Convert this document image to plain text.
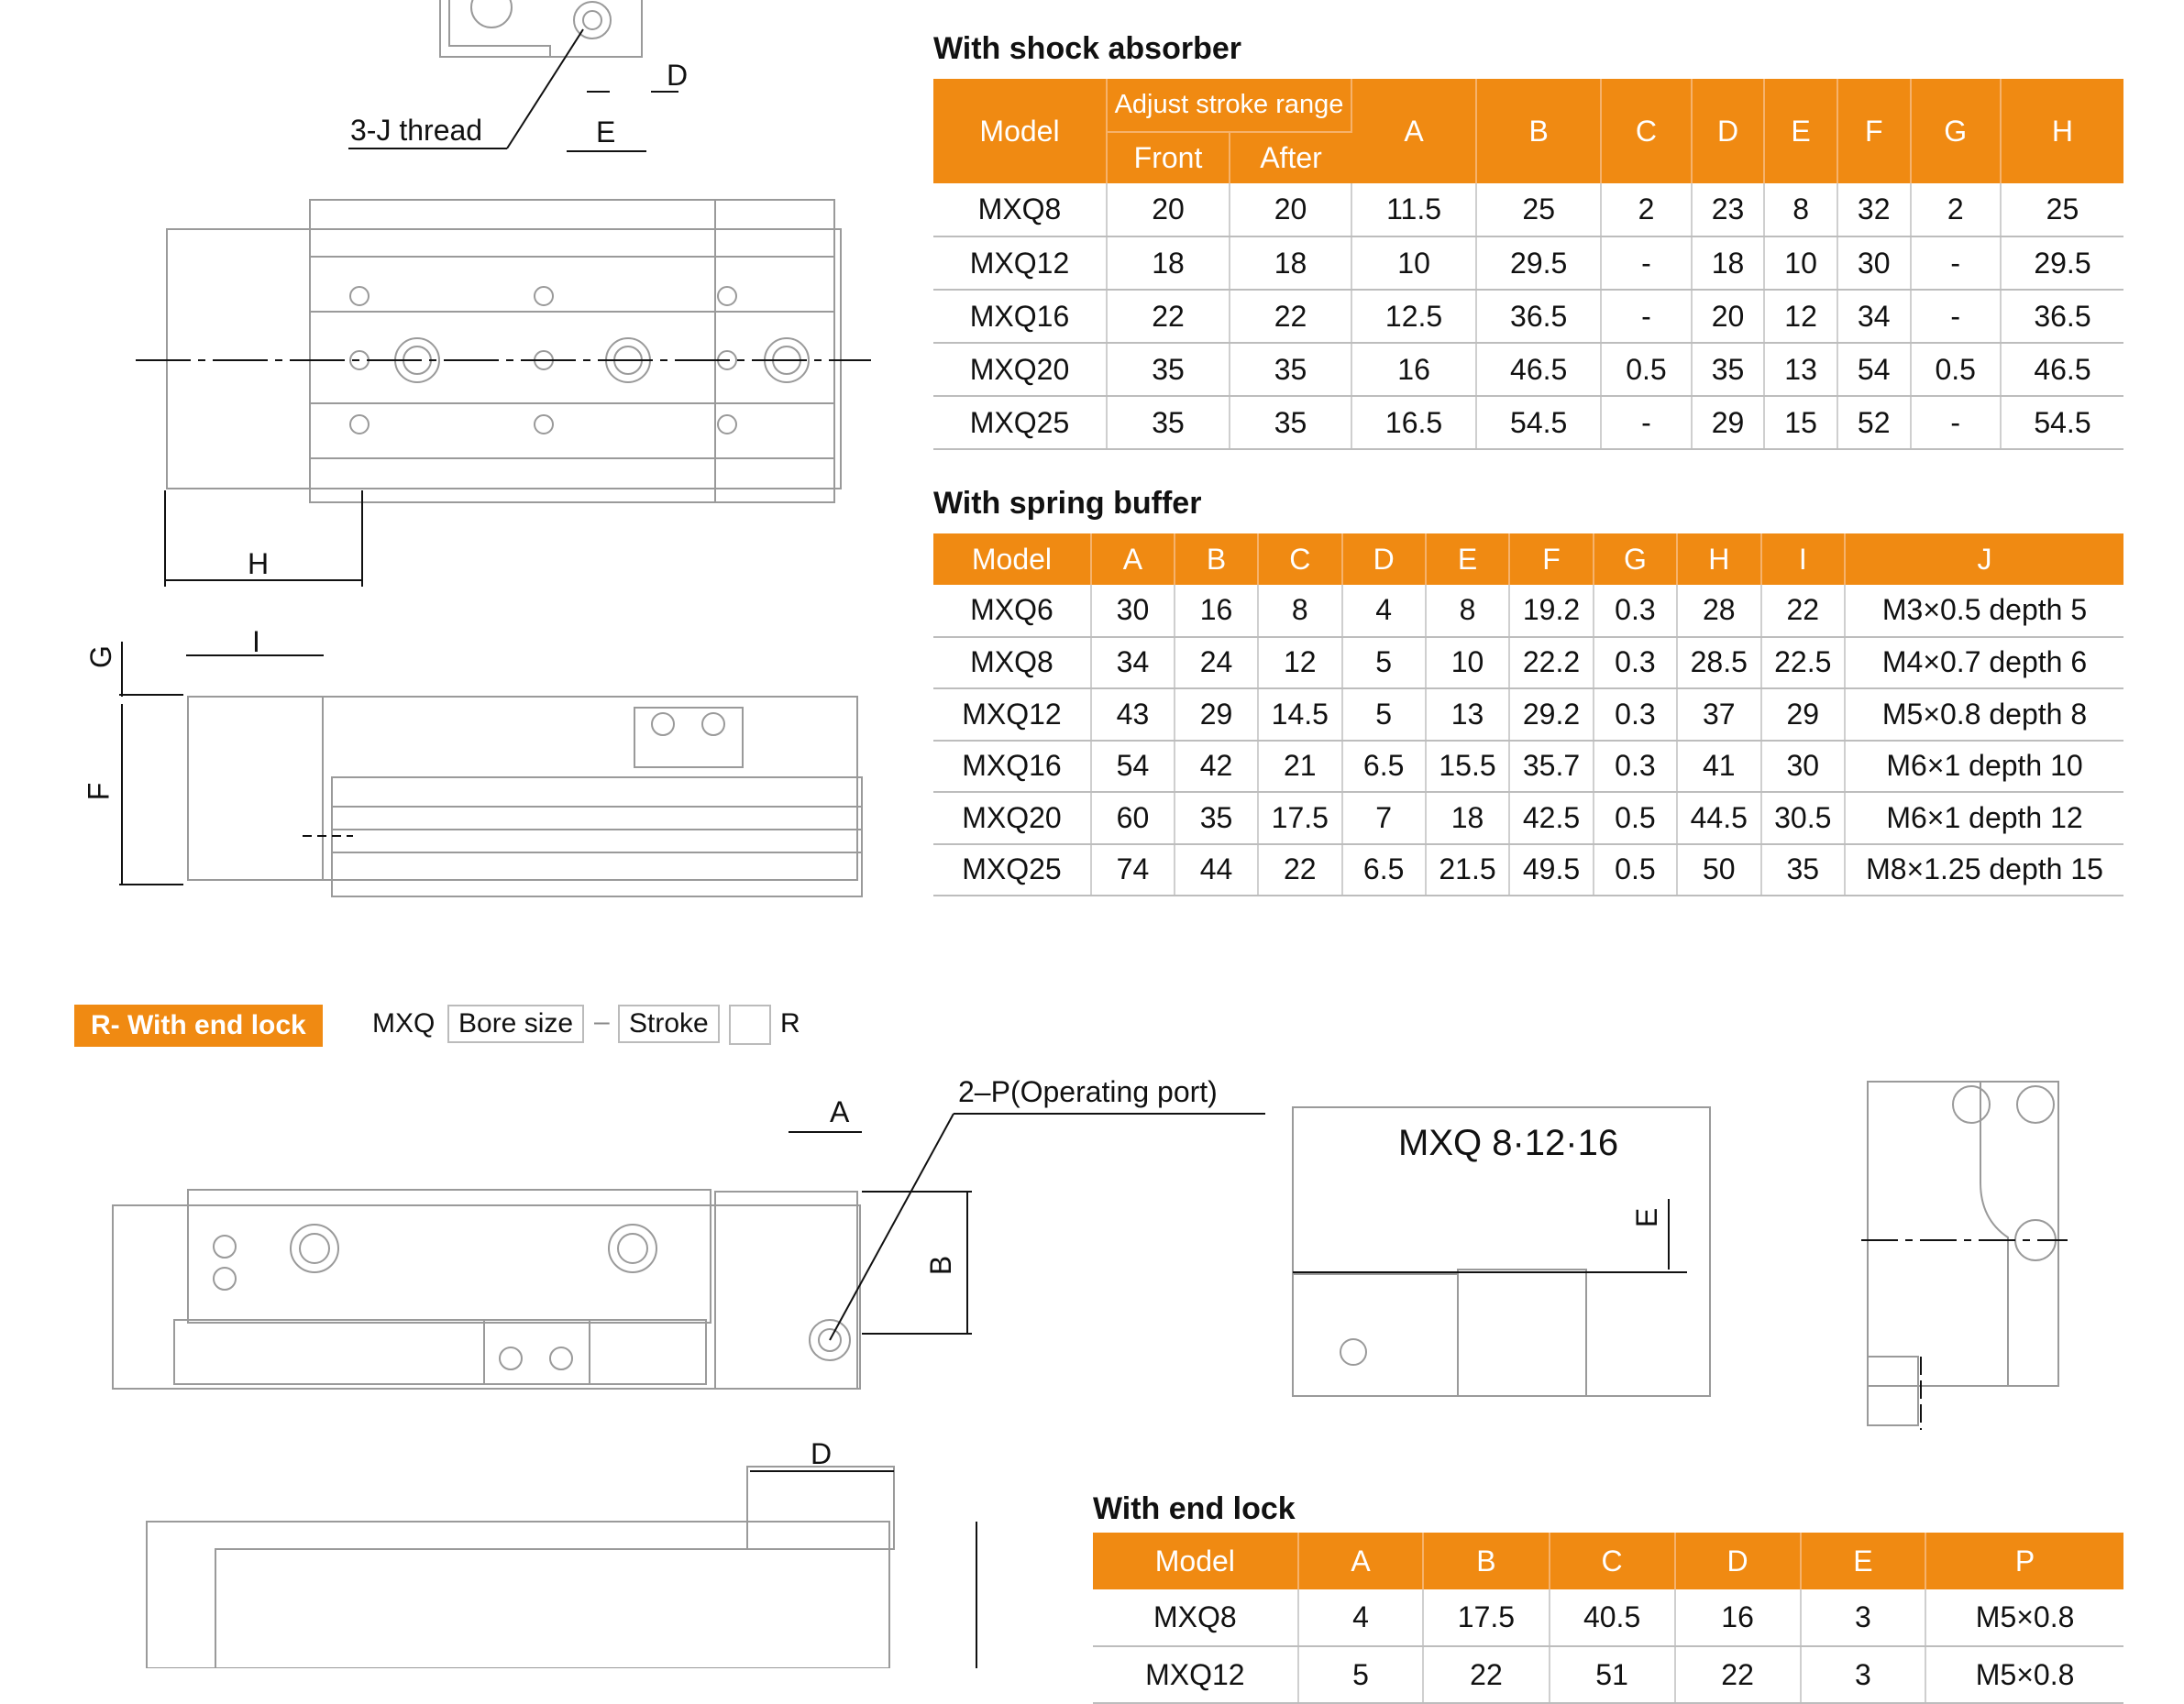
3-J thread
D
E
H
I
G
F
2–P(Operating port)
A
B
D
E
MXQ 8·12·16
With shock absorber
Model	Adjust stroke range		A	B	C	D	E	F	G	H
	Front	After								
MXQ8	20	20	11.5	25	2	23	8	32	2	25
MXQ12	18	18	10	29.5	-	18	10	30	-	29.5
MXQ16	22	22	12.5	36.5	-	20	12	34	-	36.5
MXQ20	35	35	16	46.5	0.5	35	13	54	0.5	46.5
MXQ25	35	35	16.5	54.5	-	29	15	52	-	54.5
With spring buffer
Model	A	B	C	D	E	F	G	H	I	J
MXQ6	30	16	8	4	8	19.2	0.3	28	22	M3×0.5 depth 5
MXQ8	34	24	12	5	10	22.2	0.3	28.5	22.5	M4×0.7 depth 6
MXQ12	43	29	14.5	5	13	29.2	0.3	37	29	M5×0.8 depth 8
MXQ16	54	42	21	6.5	15.5	35.7	0.3	41	30	M6×1 depth 10
MXQ20	60	35	17.5	7	18	42.5	0.5	44.5	30.5	M6×1 depth 12
MXQ25	74	44	22	6.5	21.5	49.5	0.5	50	35	M8×1.25 depth 15
R- With end lock	MXQ Bore size – Stroke	R
With end lock
Model	A	B	C	D	E	P
MXQ8	4	17.5	40.5	16	3	M5×0.8
MXQ12	5	22	51	22	3	M5×0.8
